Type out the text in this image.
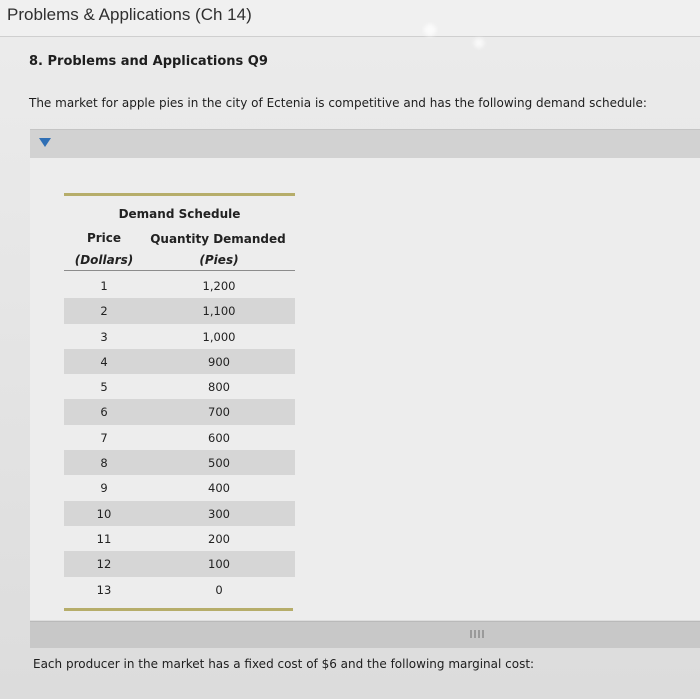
Problems & Applications (Ch 14)
8. Problems and Applications Q9
The market for apple pies in the city of Ectenia is competitive and has the following demand schedule:
Demand Schedule
Price
(Dollars)
Quantity Demanded
(Pies)
1	1,200
2	1,100
3	1,000
4	900
5	800
6	700
7	600
8	500
9	400
10	300
11	200
12	100
13	0
Each producer in the market has a fixed cost of $6 and the following marginal cost:
